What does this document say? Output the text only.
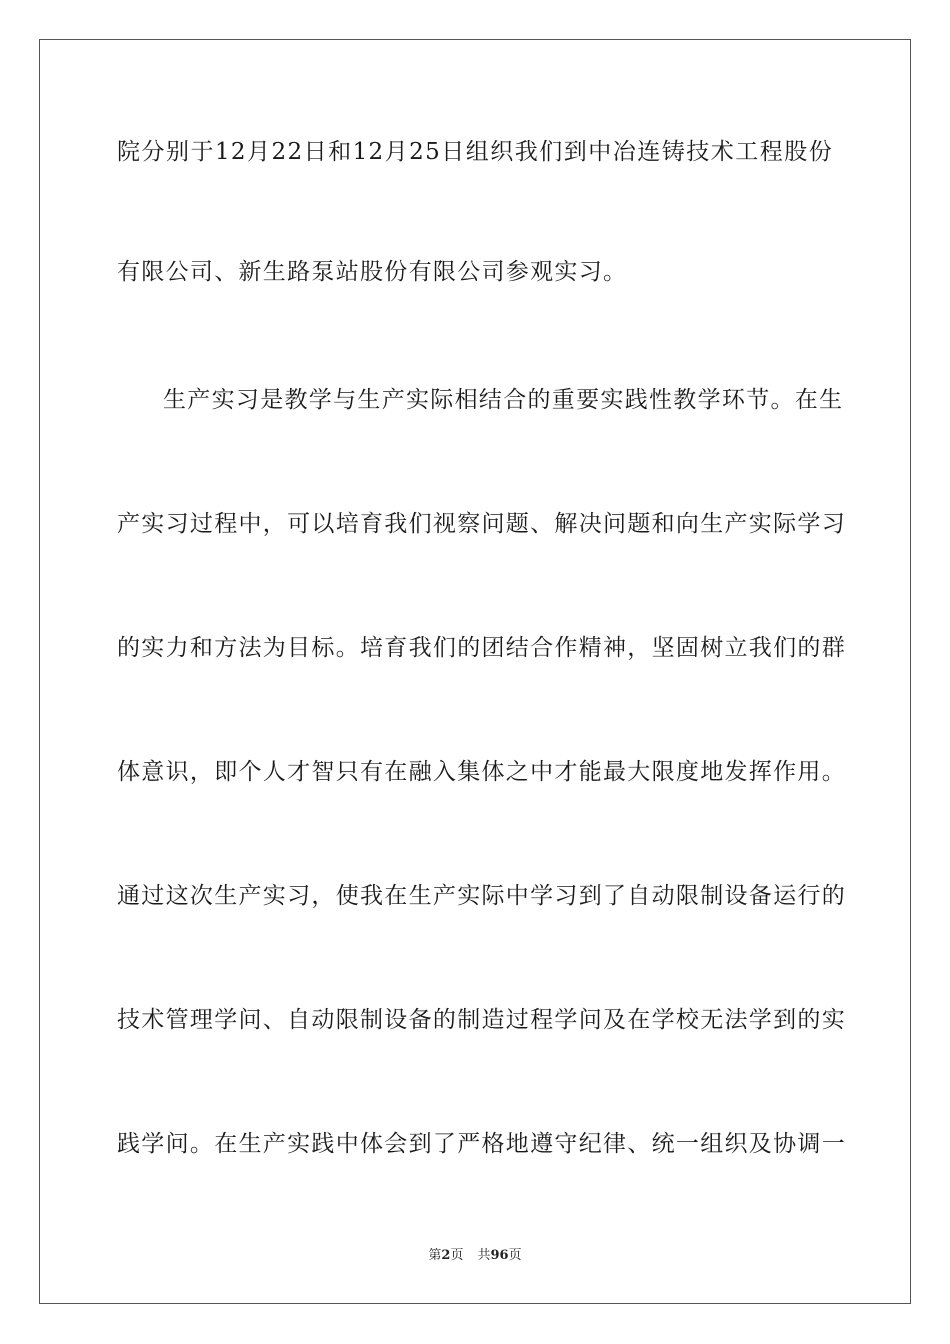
院分别于12月22日和12月25日组织我们到中冶连铸技术工程股份
有限公司、新生路泵站股份有限公司参观实习。
生产实习是教学与生产实际相结合的重要实践性教学环节。在生
产实习过程中，可以培育我们视察问题、解决问题和向生产实际学习
的实力和方法为目标。培育我们的团结合作精神，坚固树立我们的群
体意识，即个人才智只有在融入集体之中才能最大限度地发挥作用。
通过这次生产实习，使我在生产实际中学习到了自动限制设备运行的
技术管理学问、自动限制设备的制造过程学问及在学校无法学到的实
践学问。在生产实践中体会到了严格地遵守纪律、统一组织及协调一
第2页 共96页
